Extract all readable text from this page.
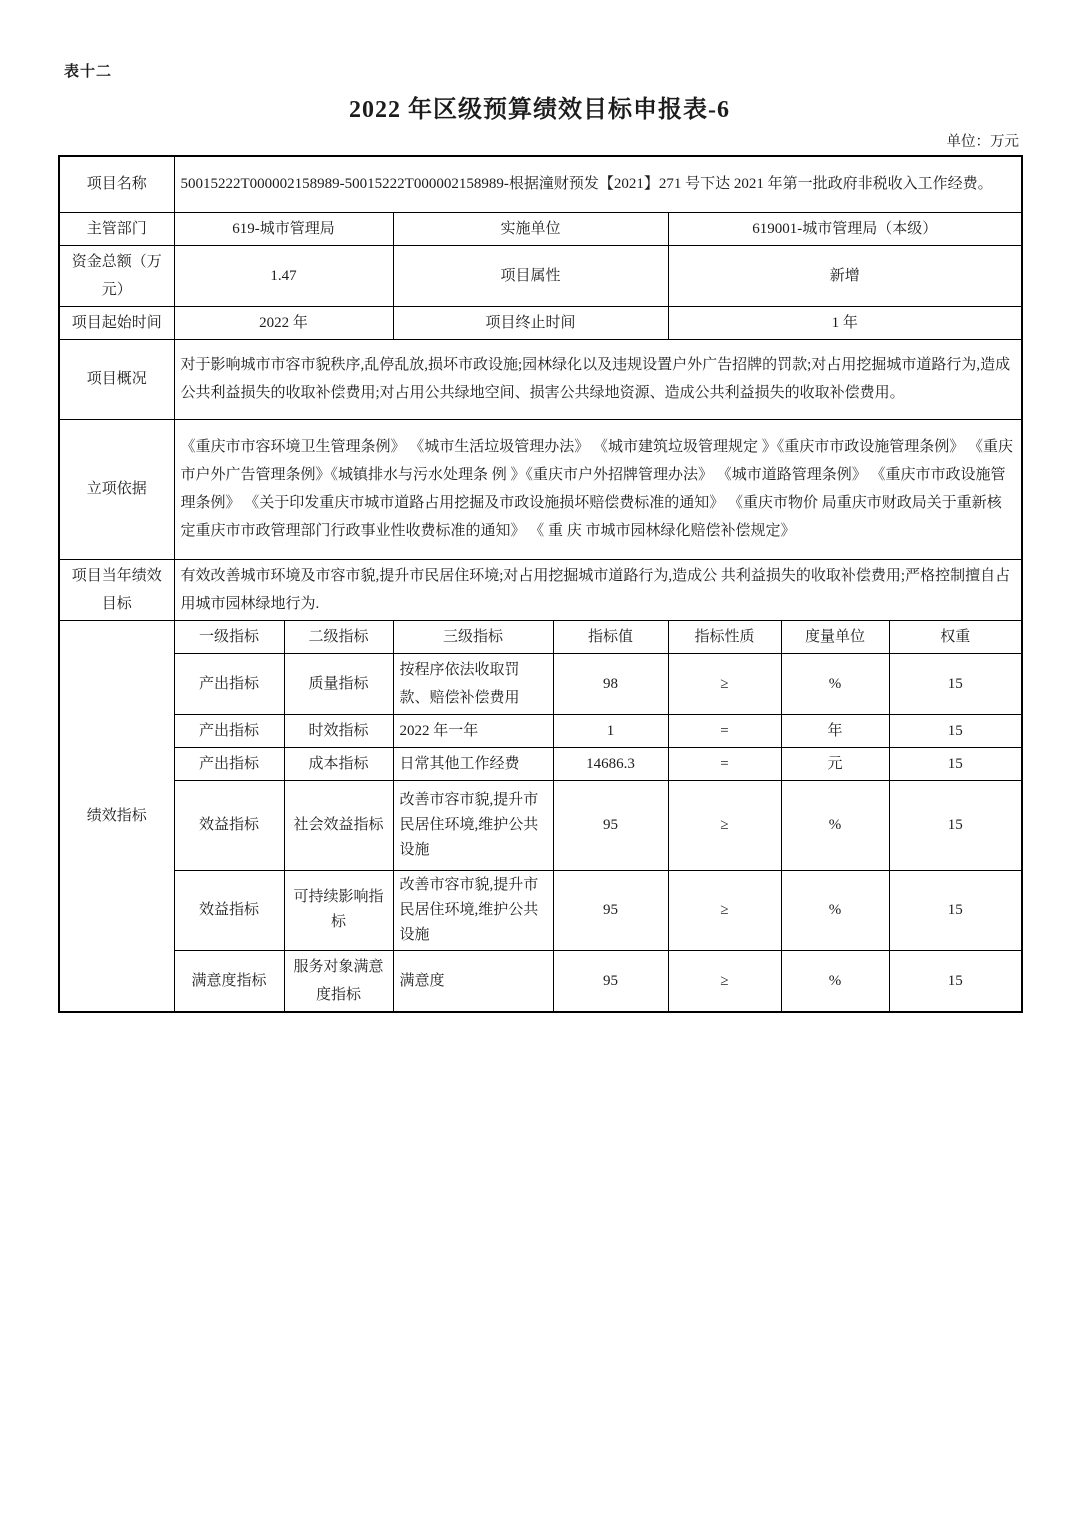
表十二
2022 年区级预算绩效目标申报表-6
单位：万元
项目名称	50015222T000002158989-50015222T000002158989-根据潼财预发【2021】271 号下达 2021 年第一批政府非税收入工作经费。						
主管部门	619-城市管理局		实施单位		619001-城市管理局（本级）		
资金总额（万元）	1.47		项目属性		新增		
项目起始时间	2022 年		项目终止时间		1 年		
项目概况	对于影响城市市容市貌秩序,乱停乱放,损坏市政设施;园林绿化以及违规设置户外广告招牌的罚款;对占用挖掘城市道路行为,造成公共利益损失的收取补偿费用;对占用公共绿地空间、损害公共绿地资源、造成公共利益损失的收取补偿费用。						
立项依据	《重庆市市容环境卫生管理条例》 《城市生活垃圾管理办法》 《城市建筑垃圾管理规定 》《重庆市市政设施管理条例》 《重庆市户外广告管理条例》《城镇排水与污水处理条 例 》《重庆市户外招牌管理办法》 《城市道路管理条例》 《重庆市市政设施管理条例》 《关于印发重庆市城市道路占用挖掘及市政设施损坏赔偿费标准的通知》 《重庆市物价 局重庆市财政局关于重新核定重庆市市政管理部门行政事业性收费标准的通知》 《 重 庆 市城市园林绿化赔偿补偿规定》						
项目当年绩效目标	有效改善城市环境及市容市貌,提升市民居住环境;对占用挖掘城市道路行为,造成公 共利益损失的收取补偿费用;严格控制擅自占用城市园林绿地行为.						
绩效指标	一级指标	二级指标	三级指标	指标值	指标性质	度量单位	权重
	产出指标	质量指标	按程序依法收取罚款、赔偿补偿费用	98	≥	%	15
	产出指标	时效指标	2022 年一年	1	=	年	15
	产出指标	成本指标	日常其他工作经费	14686.3	=	元	15
	效益指标	社会效益指标	改善市容市貌,提升市民居住环境,维护公共设施	95	≥	%	15
	效益指标	可持续影响指标	改善市容市貌,提升市民居住环境,维护公共设施	95	≥	%	15
	满意度指标	服务对象满意度指标	满意度	95	≥	%	15
